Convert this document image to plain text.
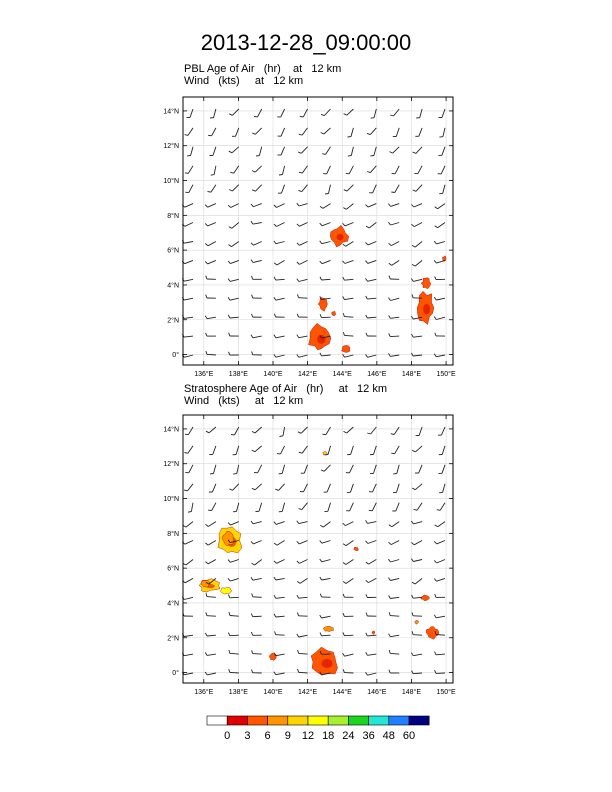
2013-12-28_09:00:00
PBL Age of Air   (hr)    at   12 km
Wind   (kts)     at   12 km
Stratosphere Age of Air   (hr)     at   12 km
Wind   (kts)     at   12 km
136°E 138°E 140°E 142°E 144°E 146°E 148°E 150°E
0°
2°N
4°N
6°N
8°N
10°N
12°N
14°N
136°E 138°E 140°E 142°E 144°E 146°E 148°E 150°E
0°
2°N
4°N
6°N
8°N
10°N
12°N
14°N
0 3 6 9 12 18 24 36 48 60
